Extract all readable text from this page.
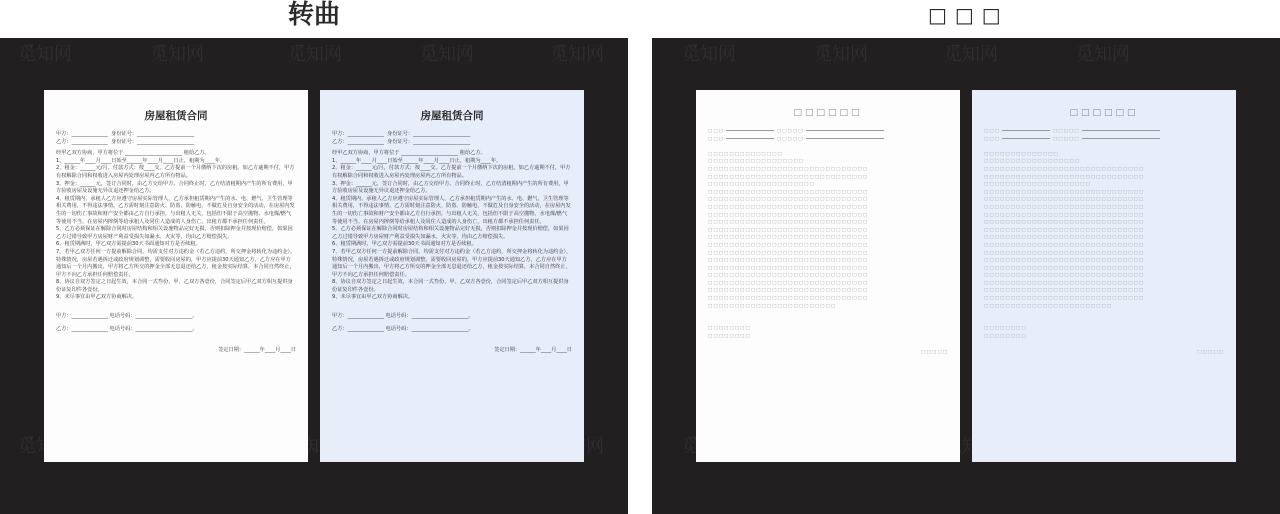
转曲	□□□
觅知网	觅知网	觅知网	觅知网	觅知网
觅知网
房屋租赁合同
甲方：______________  身份证号：______________________
乙方：______________  身份证号：______________________
经甲乙双方协商，甲方将位于 ______________________ 租给乙方。
1、______年____月____日始至______年____月____日止，租期为____年。
2、租金：______元/月，付款方式：按____交。乙方提前一个月缴纳下次的房租。如乙方逾期不付，甲方有权解除合同和权收进入房屋内处理房屋内乙方所有物品。
3、押金：______元，签订合同时，由乙方交给甲方。合同终止时，乙方结清租期内产生的所有费用，甲方验收房屋及设施无异议退还押金给乙方。
4、租赁期内，承租人乙方应遵守房屋实际管理人，乙方承担租赁期内产生的水、电、燃气、卫生管理等相关费用，不得违法事情。乙方需时刻注意防火、防盗、防触电、不做危及自身安全的活动，在房屋内发生的一切伤亡事故和财产安全都由乙方自行承担，与出租人无关，包括但不限于高空抛物、水电煤/燃气等使用不当、在房屋内摔倒等给承租人及同住人造成的人身伤亡，出租方都不承担任何责任。
5、乙方必须保证在解除合同时房屋结构和相关设施物品完好无损，否则扣除押金并按现价赔偿，如果因乙方过错导致甲方房屋财产利益受损失如漏水、火灾等，均由乙方赔偿损失。
6、租赁期满时，甲乙双方需提前30天书面通知对方是否续租。
7、若甲乙双方任何一方提前解除合同，均需支付对方违约金（若乙方违约，所交押金将转化为违约金），特殊情况，房屋若遇拆迁或政府规划调整，需要收回房屋的，甲方应提前30天通知乙方，乙方应在甲方通知后一个月内搬出，甲方将乙方所交的押金全部无息退还给乙方，租金按实际结算，本合同自然终止，甲方不向乙方承担任何赔偿责任。
8、协议自双方签定之日起生效，本合同一式叁份，甲、乙双方各壹份，合同签定后甲乙双方相互提供身份证复印件各壹份。
9、未尽事宜由甲乙双方协商解决。
甲方：______________ 电话号码：______________________。
乙方：______________ 电话号码：______________________。
签定日期：______年____月____日
房屋租赁合同
甲方：______________  身份证号：______________________
乙方：______________  身份证号：______________________
经甲乙双方协商，甲方将位于 ______________________ 租给乙方。
1、______年____月____日始至______年____月____日止，租期为____年。
2、租金：______元/月，付款方式：按____交。乙方提前一个月缴纳下次的房租。如乙方逾期不付，甲方有权解除合同和权收进入房屋内处理房屋内乙方所有物品。
3、押金：______元，签订合同时，由乙方交给甲方。合同终止时，乙方结清租期内产生的所有费用，甲方验收房屋及设施无异议退还押金给乙方。
4、租赁期内，承租人乙方应遵守房屋实际管理人，乙方承担租赁期内产生的水、电、燃气、卫生管理等相关费用，不得违法事情。乙方需时刻注意防火、防盗、防触电、不做危及自身安全的活动，在房屋内发生的一切伤亡事故和财产安全都由乙方自行承担，与出租人无关，包括但不限于高空抛物、水电煤/燃气等使用不当、在房屋内摔倒等给承租人及同住人造成的人身伤亡，出租方都不承担任何责任。
5、乙方必须保证在解除合同时房屋结构和相关设施物品完好无损，否则扣除押金并按现价赔偿，如果因乙方过错导致甲方房屋财产利益受损失如漏水、火灾等，均由乙方赔偿损失。
6、租赁期满时，甲乙双方需提前30天书面通知对方是否续租。
7、若甲乙双方任何一方提前解除合同，均需支付对方违约金（若乙方违约，所交押金将转化为违约金），特殊情况，房屋若遇拆迁或政府规划调整，需要收回房屋的，甲方应提前30天通知乙方，乙方应在甲方通知后一个月内搬出，甲方将乙方所交的押金全部无息退还给乙方，租金按实际结算，本合同自然终止，甲方不向乙方承担任何赔偿责任。
8、协议自双方签定之日起生效，本合同一式叁份，甲、乙双方各壹份，合同签定后甲乙双方相互提供身份证复印件各壹份。
9、未尽事宜由甲乙双方协商解决。
甲方：______________ 电话号码：______________________。
乙方：______________ 电话号码：______________________。
签定日期：______年____月____日
觅知网	觅知网	觅知网	觅知网
觅知网
□□□□□□
□□□	□□□□□
□□□	□□□□□

□□□□□□□□□□□□□□
□□□□□□□□□□□□□□□□□□
□□□□□□□□□□□□□□□□□□□□□□□□□□□□□□
□□□□□□□□□□□□□□□□□□□□□□□□□□□□□□
□□□□□□□□□□□□□□□□□□□□
□□□□□□□□□□□□□□□□□□□□□□□□□□□□□□
□□□□□□□□□□□□□□□□□□□□□□□□□□□□□□
□□□□□□□□□□□□□□□□□□□□□□□□□□□□□□
□□□□□□□□□□□□□□□□□□□□□□□□□□□□□□
□□□□□□□□□□□□□□□□□□□□□□□□□□□□□□
□□□□□□□□□□□□□□□□□□□□□□□□□□□□□□
□□□□□□□□□□□□□□□□□□□□□□□□□□□□□□
□□□□□□□□□□□□□□□□□□□□□□□□□□□□□□
□□□□□□□□□□□□□□□□□□□□□□□□□□□□□□
□□□□□□□□□□□□□□□□□□□□□□□□□□□□□□
□□□□□□□□□□□□□□□□□□□□□□□□□□□□□□
□□□□□□□□□□□□□□□□□□□□□□□□□□□□□□
□□□□□□□□□□□□□□□□□□□□□□□□□□□□□□
□□□□□□□□□□□□□□□□□□□□□□□□□□□□□□
□□□□□□□□□□□□□□□□□□□□□□□□□□□□□□
□□□□□□□□□□□□□□□□□□□□□□□□

□□□□□□□□
□□□□□□□□
□□□□□
□□□□□□
□□□	□□□□□
□□□	□□□□□

□□□□□□□□□□□□□□
□□□□□□□□□□□□□□□□□□
□□□□□□□□□□□□□□□□□□□□□□□□□□□□□□
□□□□□□□□□□□□□□□□□□□□□□□□□□□□□□
□□□□□□□□□□□□□□□□□□□□
□□□□□□□□□□□□□□□□□□□□□□□□□□□□□□
□□□□□□□□□□□□□□□□□□□□□□□□□□□□□□
□□□□□□□□□□□□□□□□□□□□□□□□□□□□□□
□□□□□□□□□□□□□□□□□□□□□□□□□□□□□□
□□□□□□□□□□□□□□□□□□□□□□□□□□□□□□
□□□□□□□□□□□□□□□□□□□□□□□□□□□□□□
□□□□□□□□□□□□□□□□□□□□□□□□□□□□□□
□□□□□□□□□□□□□□□□□□□□□□□□□□□□□□
□□□□□□□□□□□□□□□□□□□□□□□□□□□□□□
□□□□□□□□□□□□□□□□□□□□□□□□□□□□□□
□□□□□□□□□□□□□□□□□□□□□□□□□□□□□□
□□□□□□□□□□□□□□□□□□□□□□□□□□□□□□
□□□□□□□□□□□□□□□□□□□□□□□□□□□□□□
□□□□□□□□□□□□□□□□□□□□□□□□□□□□□□
□□□□□□□□□□□□□□□□□□□□□□□□□□□□□□
□□□□□□□□□□□□□□□□□□□□□□□□

□□□□□□□□
□□□□□□□□
□□□□□
